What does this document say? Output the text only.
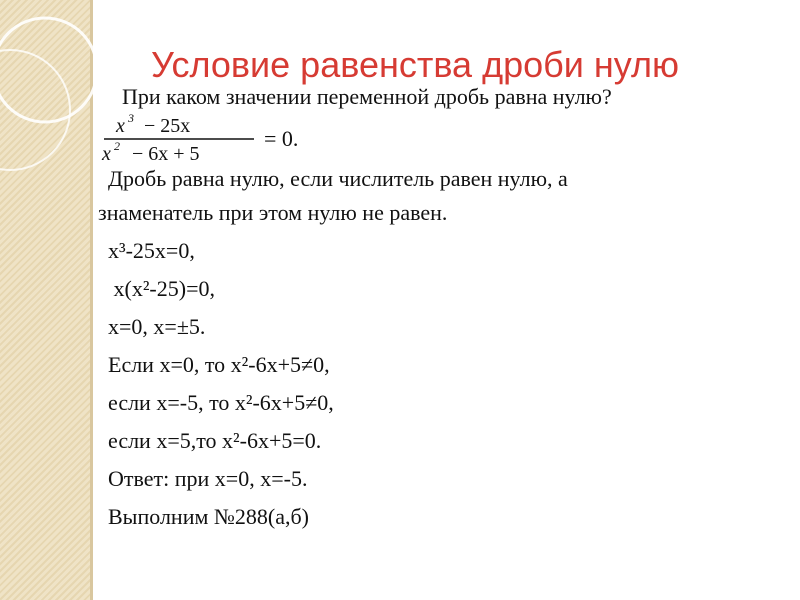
Условие равенства дроби нулю
При каком значении переменной дробь равна нулю?
x 3 − 25x
x 2 − 6x + 5
= 0.
Дробь равна нулю, если числитель равен нулю, а
знаменатель при этом нулю не равен.
x³-25x=0,
x(x²-25)=0,
x=0, x=±5.
Если x=0, то x²-6x+5≠0,
если x=-5, то x²-6x+5≠0,
если x=5,то x²-6x+5=0.
Ответ: при x=0, x=-5.
Выполним №288(а,б)
